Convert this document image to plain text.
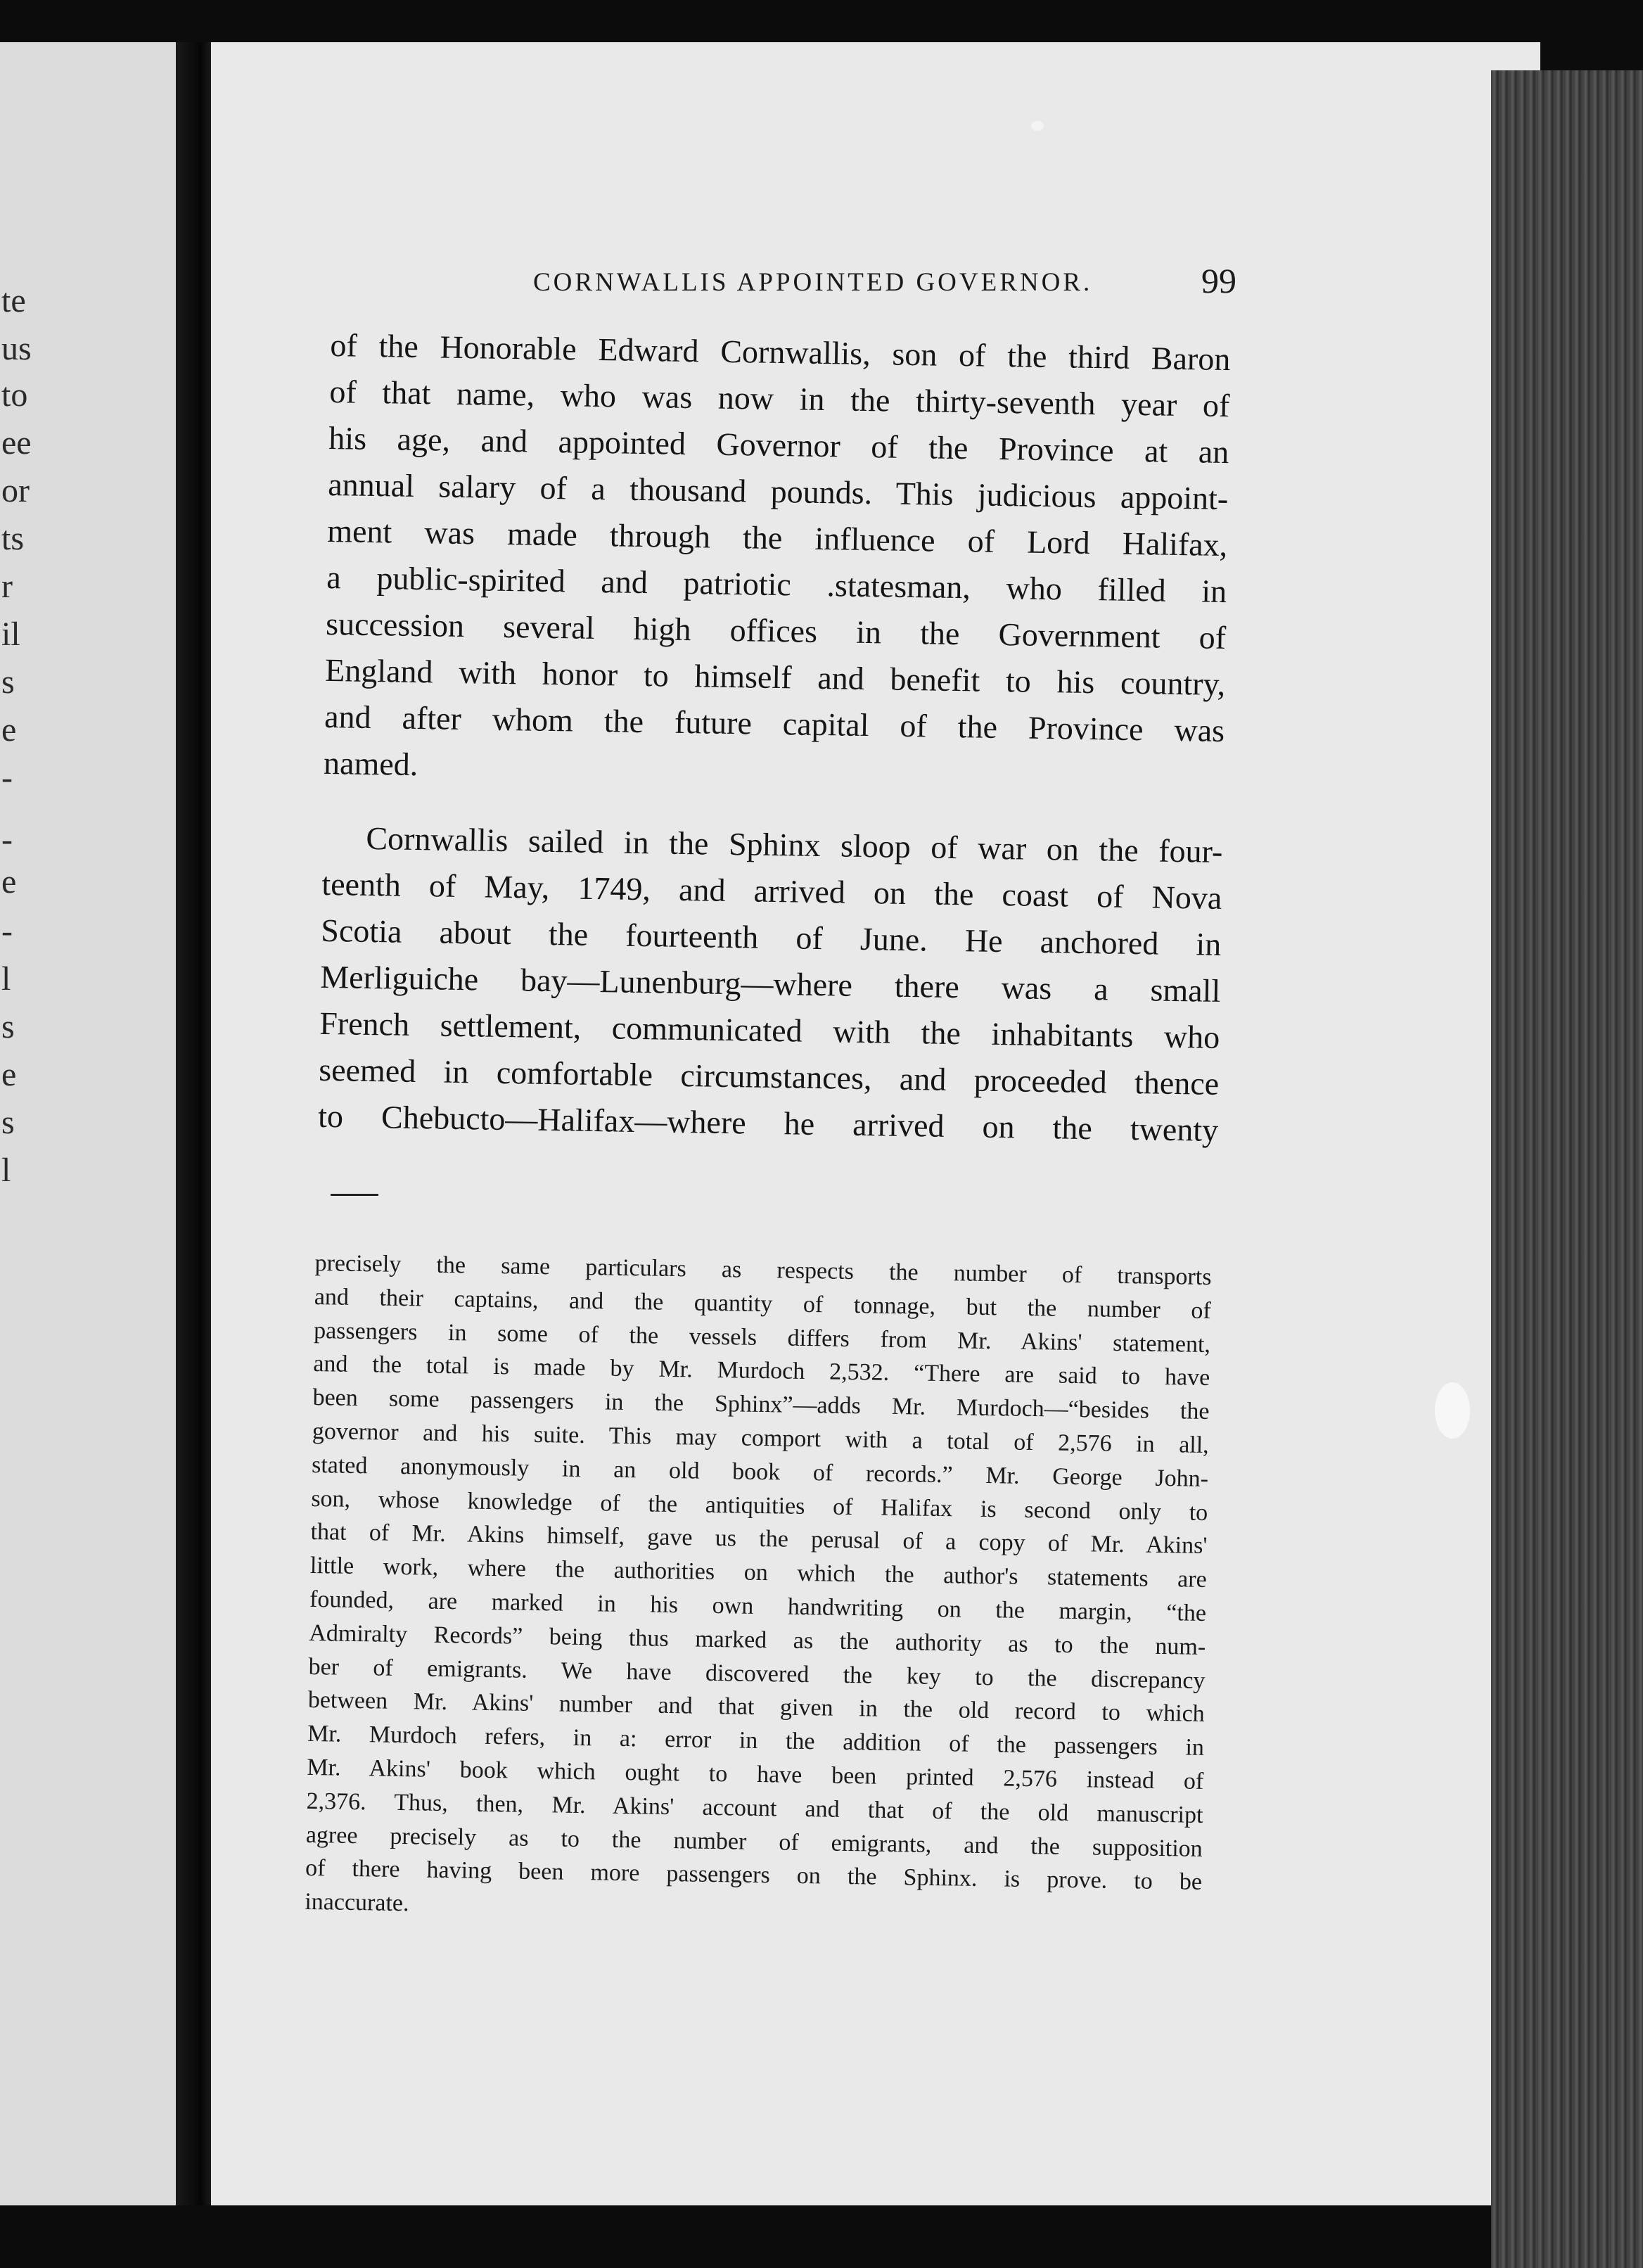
te
us
to
ee
or
ts
r
il
s
e
-
-
e
-
l
s
e
s
l
CORNWALLIS APPOINTED GOVERNOR.	99
of the Honorable Edward Cornwallis, son of the third Baron
of that name, who was now in the thirty-seventh year of
his age, and appointed Governor of the Province at an
annual salary of a thousand pounds. This judicious appoint-
ment was made through the influence of Lord Halifax,
a public-spirited and patriotic .statesman, who filled in
succession several high offices in the Government of
England with honor to himself and benefit to his country,
and after whom the future capital of the Province was
named.
Cornwallis sailed in the Sphinx sloop of war on the four-
teenth of May, 1749, and arrived on the coast of Nova
Scotia about the fourteenth of June. He anchored in
Merliguiche bay—Lunenburg—where there was a small
French settlement, communicated with the inhabitants who
seemed in comfortable circumstances, and proceeded thence
to Chebucto—Halifax—where he arrived on the twenty
precisely the same particulars as respects the number of transports
and their captains, and the quantity of tonnage, but the number of
passengers in some of the vessels differs from Mr. Akins' statement,
and the total is made by Mr. Murdoch 2,532. “There are said to have
been some passengers in the Sphinx”—adds Mr. Murdoch—“besides the
governor and his suite. This may comport with a total of 2,576 in all,
stated anonymously in an old book of records.” Mr. George John-
son, whose knowledge of the antiquities of Halifax is second only to
that of Mr. Akins himself, gave us the perusal of a copy of Mr. Akins'
little work, where the authorities on which the author's statements are
founded, are marked in his own handwriting on the margin, “the
Admiralty Records” being thus marked as the authority as to the num-
ber of emigrants. We have discovered the key to the discrepancy
between Mr. Akins' number and that given in the old record to which
Mr. Murdoch refers, in a: error in the addition of the passengers in
Mr. Akins' book which ought to have been printed 2,576 instead of
2,376. Thus, then, Mr. Akins' account and that of the old manuscript
agree precisely as to the number of emigrants, and the supposition
of there having been more passengers on the Sphinx. is prove. to be
inaccurate.
